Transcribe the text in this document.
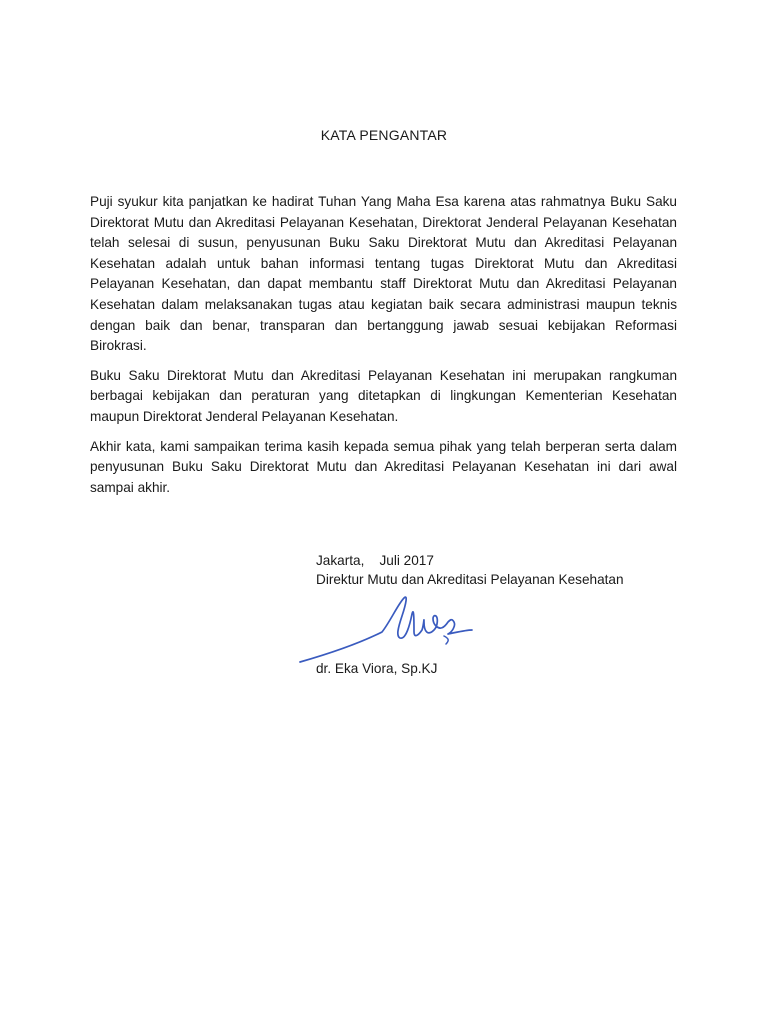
KATA PENGANTAR

Puji syukur kita panjatkan ke hadirat Tuhan Yang Maha Esa karena atas rahmatnya Buku Saku Direktorat Mutu dan Akreditasi Pelayanan Kesehatan, Direktorat Jenderal Pelayanan Kesehatan telah selesai di susun, penyusunan Buku Saku Direktorat Mutu dan Akreditasi Pelayanan Kesehatan adalah untuk bahan informasi tentang tugas Direktorat Mutu dan Akreditasi Pelayanan Kesehatan, dan dapat membantu staff Direktorat Mutu dan Akreditasi Pelayanan Kesehatan dalam melaksanakan tugas atau kegiatan baik secara administrasi maupun teknis dengan baik dan benar, transparan dan bertanggung jawab sesuai kebijakan Reformasi Birokrasi.

Buku Saku Direktorat Mutu dan Akreditasi Pelayanan Kesehatan ini merupakan rangkuman berbagai kebijakan dan peraturan yang ditetapkan di lingkungan Kementerian Kesehatan maupun Direktorat Jenderal Pelayanan Kesehatan.

Akhir kata, kami sampaikan terima kasih kepada semua pihak yang telah berperan serta dalam penyusunan Buku Saku Direktorat Mutu dan Akreditasi Pelayanan Kesehatan ini dari awal sampai akhir.

Jakarta,    Juli 2017
Direktur Mutu dan Akreditasi Pelayanan Kesehatan
dr. Eka Viora, Sp.KJ
